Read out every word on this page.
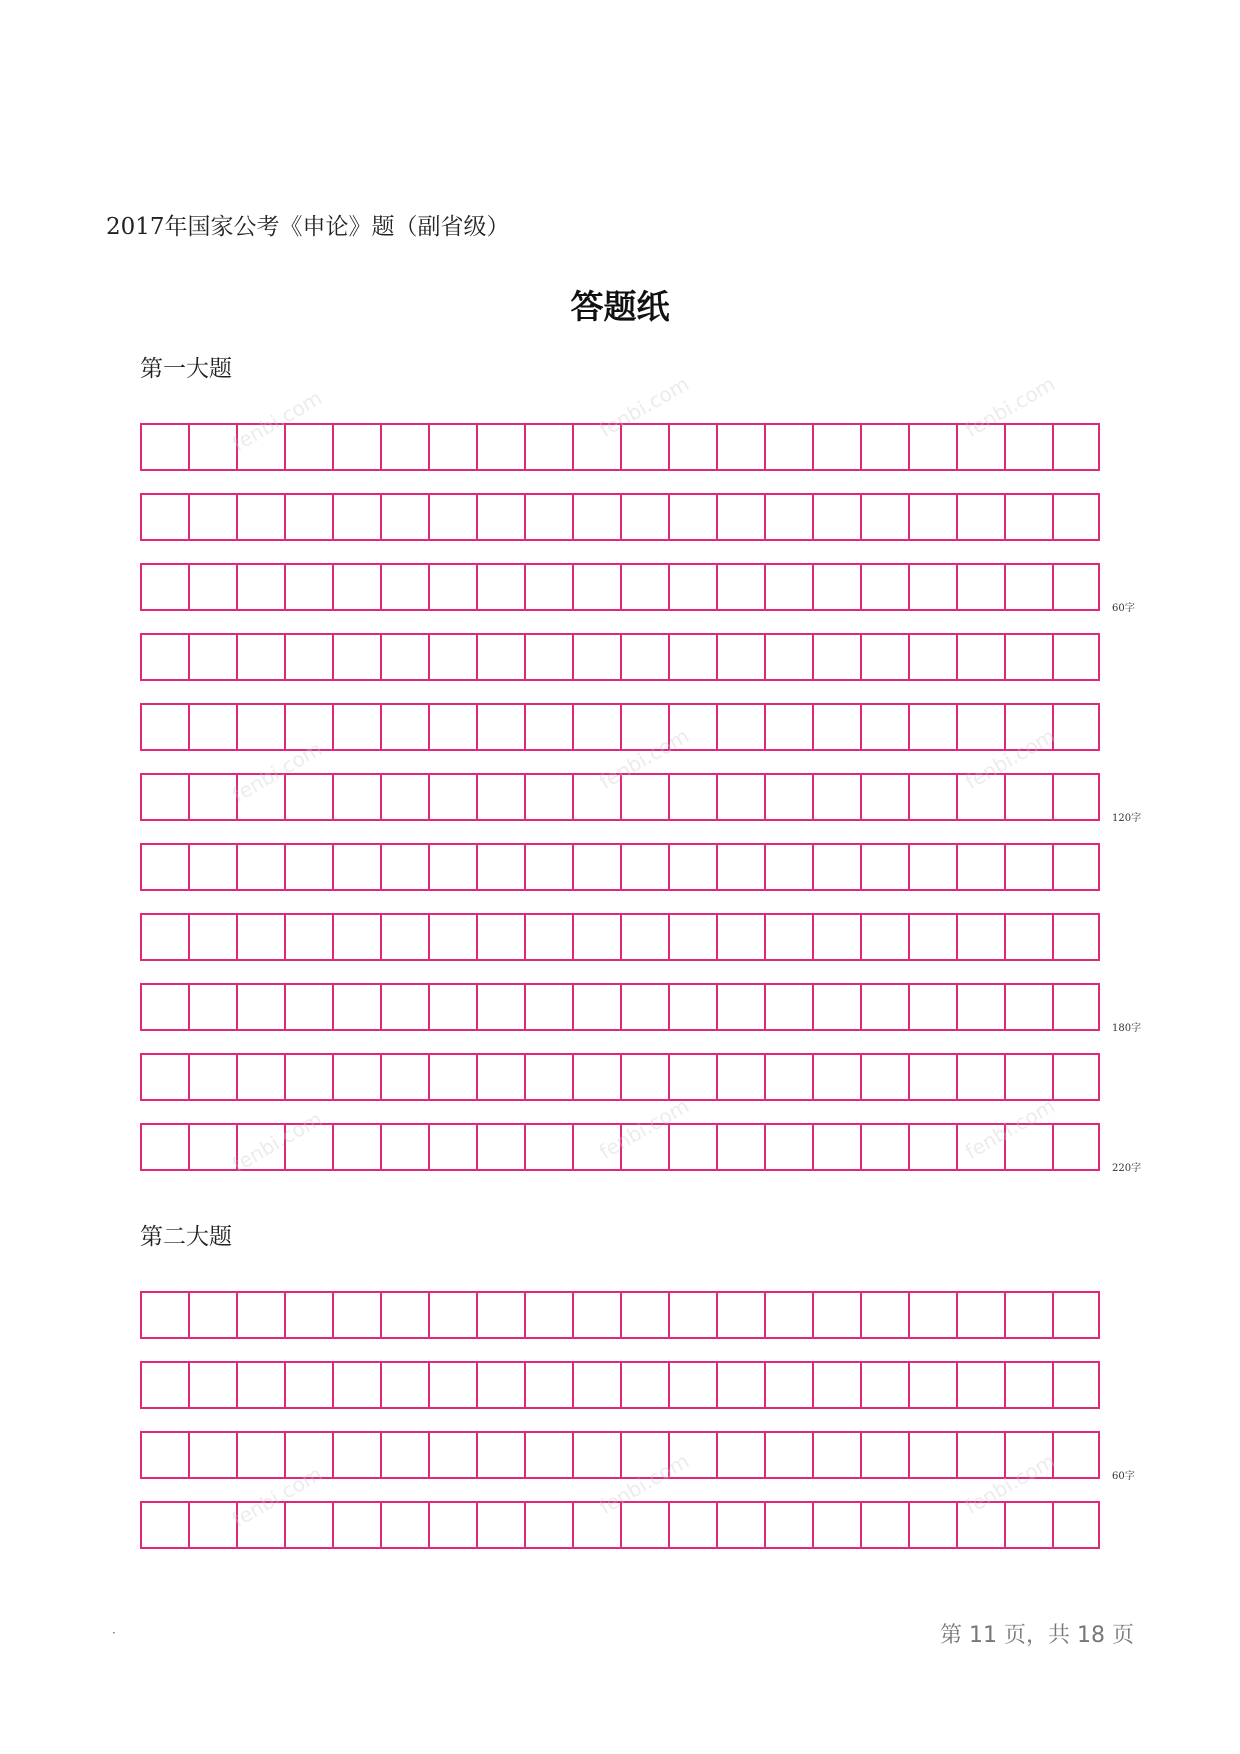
2017年国家公考《申论》题（副省级）
答题纸
第一大题
60字
120字
180字
220字
第二大题
60字
fenbi.com	fenbi.com	fenbi.com
fenbi.com	fenbi.com	fenbi.com
fenbi.com	fenbi.com	fenbi.com
fenbi.com	fenbi.com	fenbi.com
·	第 11 页，共 18 页
